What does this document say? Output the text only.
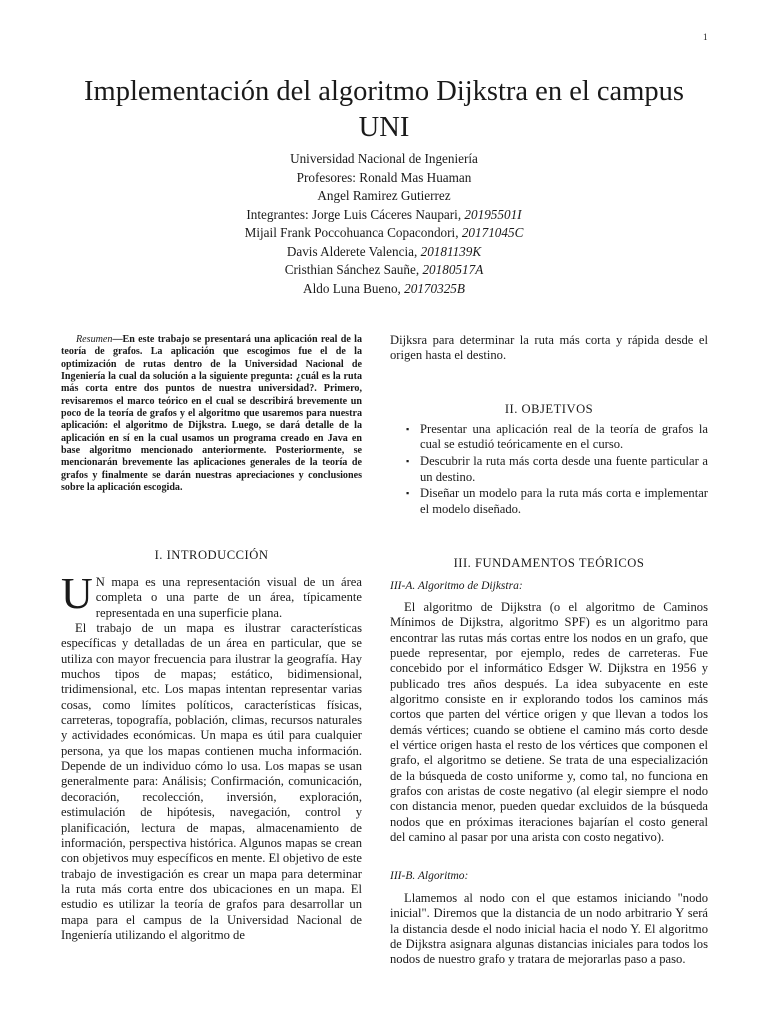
1
Implementación del algoritmo Dijkstra en el campus UNI
Universidad Nacional de Ingeniería
Profesores: Ronald Mas Huaman
Angel Ramirez Gutierrez
Integrantes: Jorge Luis Cáceres Naupari, 20195501I
Mijail Frank Poccohuanca Copacondori, 20171045C
Davis Alderete Valencia, 20181139K
Cristhian Sánchez Sauñe, 20180517A
Aldo Luna Bueno, 20170325B
Resumen—En este trabajo se presentará una aplicación real de la teoría de grafos. La aplicación que escogimos fue el de la optimización de rutas dentro de la Universidad Nacional de Ingeniería la cual da solución a la siguiente pregunta: ¿cuál es la ruta más corta entre dos puntos de nuestra universidad?. Primero, revisaremos el marco teórico en el cual se describirá brevemente un poco de la teoría de grafos y el algoritmo que usaremos para nuestra aplicación: el algoritmo de Dijkstra. Luego, se dará detalle de la aplicación en sí en la cual usamos un programa creado en Java en base algoritmo mencionado anteriormente. Posteriormente, se mencionarán brevemente las aplicaciones generales de la teoría de grafos y finalmente se darán nuestras apreciaciones y conclusiones sobre la aplicación escogida.

I. INTRODUCCIÓN

U N mapa es una representación visual de un área completa o una parte de un área, típicamente representada en una superficie plana.

El trabajo de un mapa es ilustrar características específicas y detalladas de un área en particular, que se utiliza con mayor frecuencia para ilustrar la geografía. Hay muchos tipos de mapas; estático, bidimensional, tridimensional, etc. Los mapas intentan representar varias cosas, como límites políticos, características físicas, carreteras, topografía, población, climas, recursos naturales y actividades económicas. Un mapa es útil para cualquier persona, ya que los mapas contienen mucha información. Depende de un individuo cómo lo usa. Los mapas se usan generalmente para: Análisis; Confirmación, comunicación, decoración, recolección, inversión, exploración, estimulación de hipótesis, navegación, control y planificación, lectura de mapas, almacenamiento de información, perspectiva histórica. Algunos mapas se crean con objetivos muy específicos en mente. El objetivo de este trabajo de investigación es crear un mapa para determinar la ruta más corta entre dos ubicaciones en un mapa. El estudio es utilizar la teoría de grafos para desarrollar un mapa para el campus de la Universidad Nacional de Ingeniería utilizando el algoritmo de

Dijksra para determinar la ruta más corta y rápida desde el origen hasta el destino.

II. OBJETIVOS

▪ Presentar una aplicación real de la teoría de grafos la cual se estudió teóricamente en el curso.
▪ Descubrir la ruta más corta desde una fuente particular a un destino.
▪ Diseñar un modelo para la ruta más corta e implementar el modelo diseñado.

III. FUNDAMENTOS TEÓRICOS

III-A. Algoritmo de Dijkstra:

El algoritmo de Dijkstra (o el algoritmo de Caminos Mínimos de Dijkstra, algoritmo SPF) es un algoritmo para encontrar las rutas más cortas entre los nodos en un grafo, que puede representar, por ejemplo, redes de carreteras. Fue concebido por el informático Edsger W. Dijkstra en 1956 y publicado tres años después. La idea subyacente en este algoritmo consiste en ir explorando todos los caminos más cortos que parten del vértice origen y que llevan a todos los demás vértices; cuando se obtiene el camino más corto desde el vértice origen hasta el resto de los vértices que componen el grafo, el algoritmo se detiene. Se trata de una especialización de la búsqueda de costo uniforme y, como tal, no funciona en grafos con aristas de coste negativo (al elegir siempre el nodo con distancia menor, pueden quedar excluidos de la búsqueda nodos que en próximas iteraciones bajarían el costo general del camino al pasar por una arista con costo negativo).

III-B. Algoritmo:

Llamemos al nodo con el que estamos iniciando "nodo inicial". Diremos que la distancia de un nodo arbitrario Y será la distancia desde el nodo inicial hacia el nodo Y. El algoritmo de Dijkstra asignara algunas distancias iniciales para todos los nodos de nuestro grafo y tratara de mejorarlas paso a paso.
